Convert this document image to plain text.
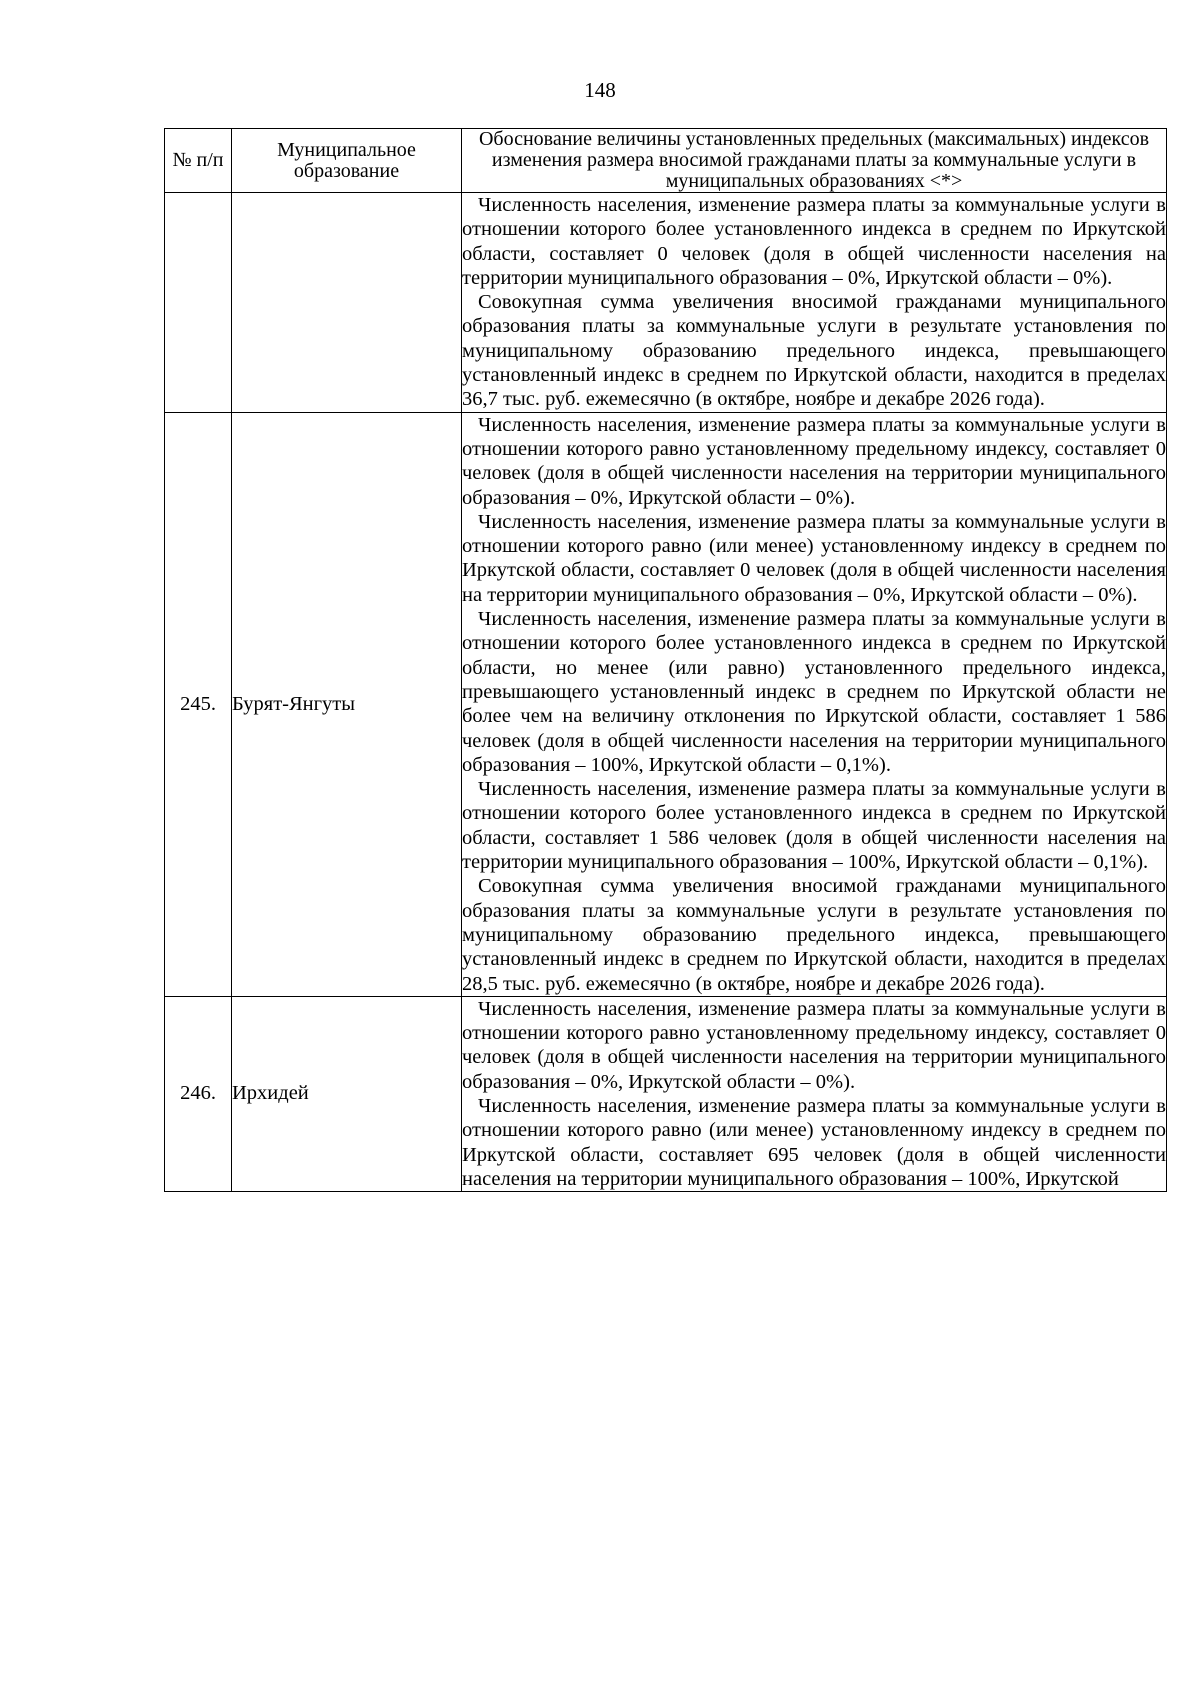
148
№ п/п	Муниципальное образование	Обоснование величины установленных предельных (максимальных) индексов изменения размера вносимой гражданами платы за коммунальные услуги в муниципальных образованиях <*>

		Численность населения, изменение размера платы за коммунальные услуги в отношении которого более установленного индекса в среднем по Иркутской области, составляет 0 человек (доля в общей численности населения на территории муниципального образования – 0%, Иркутской области – 0%).

Совокупная сумма увеличения вносимой гражданами муниципального образования платы за коммунальные услуги в результате установления по муниципальному образованию предельного индекса, превышающего установленный индекс в среднем по Иркутской области, находится в пределах 36,7 тыс. руб. ежемесячно (в октябре, ноябре и декабре 2026 года).

245.	Бурят-Янгуты	Численность населения, изменение размера платы за коммунальные услуги в отношении которого равно установленному предельному индексу, составляет 0 человек (доля в общей численности населения на территории муниципального образования – 0%, Иркутской области – 0%).

Численность населения, изменение размера платы за коммунальные услуги в отношении которого равно (или менее) установленному индексу в среднем по Иркутской области, составляет 0 человек (доля в общей численности населения на территории муниципального образования – 0%, Иркутской области – 0%).

Численность населения, изменение размера платы за коммунальные услуги в отношении которого более установленного индекса в среднем по Иркутской области, но менее (или равно) установленного предельного индекса, превышающего установленный индекс в среднем по Иркутской области не более чем на величину отклонения по Иркутской области, составляет 1 586 человек (доля в общей численности населения на территории муниципального образования – 100%, Иркутской области – 0,1%).

Численность населения, изменение размера платы за коммунальные услуги в отношении которого более установленного индекса в среднем по Иркутской области, составляет 1 586 человек (доля в общей численности населения на территории муниципального образования – 100%, Иркутской области – 0,1%).

Совокупная сумма увеличения вносимой гражданами муниципального образования платы за коммунальные услуги в результате установления по муниципальному образованию предельного индекса, превышающего установленный индекс в среднем по Иркутской области, находится в пределах 28,5 тыс. руб. ежемесячно (в октябре, ноябре и декабре 2026 года).

246.	Ирхидей	Численность населения, изменение размера платы за коммунальные услуги в отношении которого равно установленному предельному индексу, составляет 0 человек (доля в общей численности населения на территории муниципального образования – 0%, Иркутской области – 0%).

Численность населения, изменение размера платы за коммунальные услуги в отношении которого равно (или менее) установленному индексу в среднем по Иркутской области, составляет 695 человек (доля в общей численности населения на территории муниципального образования – 100%, Иркутской
